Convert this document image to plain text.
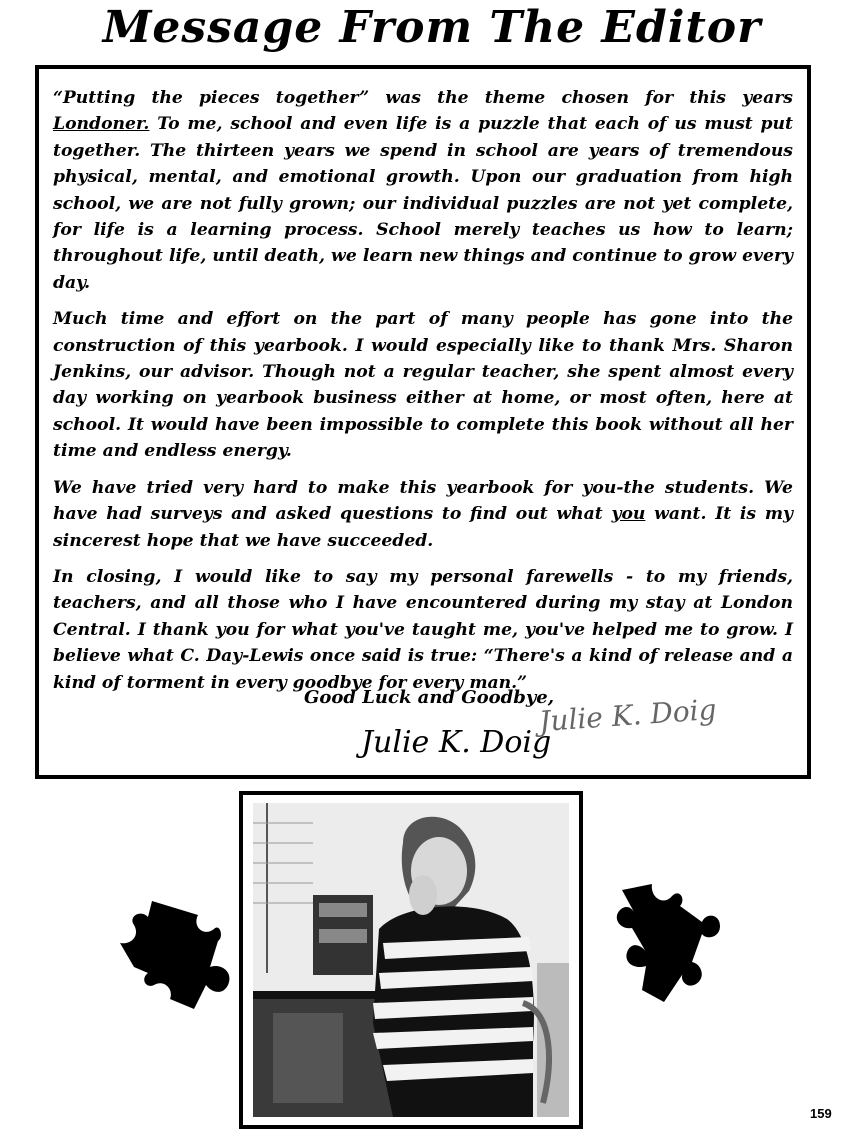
Message From The Editor

“Putting the pieces together” was the theme chosen for this years Londoner. To me, school and even life is a puzzle that each of us must put together. The thirteen years we spend in school are years of tremendous physical, mental, and emotional growth. Upon our graduation from high school, we are not fully grown; our individual puzzles are not yet complete, for life is a learning process. School merely teaches us how to learn; throughout life, until death, we learn new things and continue to grow every day.

Much time and effort on the part of many people has gone into the construction of this yearbook. I would especially like to thank Mrs. Sharon Jenkins, our advisor. Though not a regular teacher, she spent almost every day working on yearbook business either at home, or most often, here at school. It would have been impossible to complete this book without all her time and endless energy.

We have tried very hard to make this yearbook for you-the students. We have had surveys and asked questions to find out what you want. It is my sincerest hope that we have succeeded.

In closing, I would like to say my personal farewells - to my friends, teachers, and all those who I have encountered during my stay at London Central. I thank you for what you've taught me, you've helped me to grow. I believe what C. Day-Lewis once said is true: “There's a kind of release and a kind of torment in every goodbye for every man.”

Good Luck and Goodbye,
Julie K. Doig
Julie K. Doig
159
